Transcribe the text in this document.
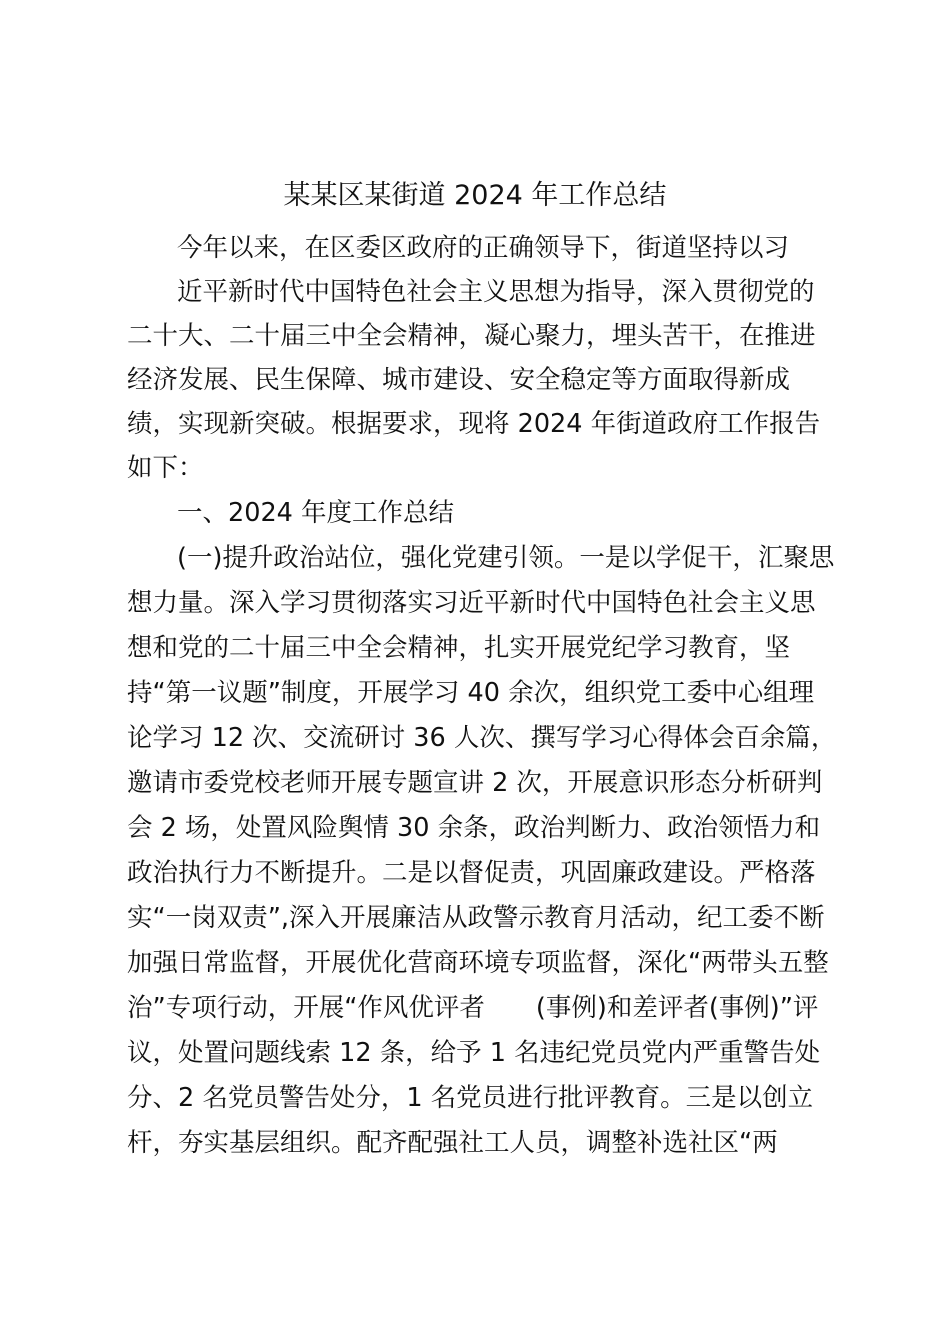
某某区某街道 2024 年工作总结
今年以来，在区委区政府的正确领导下，街道坚持以习
近平新时代中国特色社会主义思想为指导，深入贯彻党的
二十大、二十届三中全会精神，凝心聚力，埋头苦干，在推进
经济发展、民生保障、城市建设、安全稳定等方面取得新成
绩，实现新突破。根据要求，现将 2024 年街道政府工作报告
如下：
一、2024 年度工作总结
(一)提升政治站位，强化党建引领。一是以学促干，汇聚思
想力量。深入学习贯彻落实习近平新时代中国特色社会主义思
想和党的二十届三中全会精神，扎实开展党纪学习教育，坚
持“第一议题”制度，开展学习 40 余次，组织党工委中心组理
论学习 12 次、交流研讨 36 人次、撰写学习心得体会百余篇，
邀请市委党校老师开展专题宣讲 2 次，开展意识形态分析研判
会 2 场，处置风险舆情 30 余条，政治判断力、政治领悟力和
政治执行力不断提升。二是以督促责，巩固廉政建设。严格落
实“一岗双责”,深入开展廉洁从政警示教育月活动，纪工委不断
加强日常监督，开展优化营商环境专项监督，深化“两带头五整
治”专项行动，开展“作风优评者　　(事例)和差评者(事例)”评
议，处置问题线索 12 条，给予 1 名违纪党员党内严重警告处
分、2 名党员警告处分，1 名党员进行批评教育。三是以创立
杆，夯实基层组织。配齐配强社工人员，调整补选社区“两
